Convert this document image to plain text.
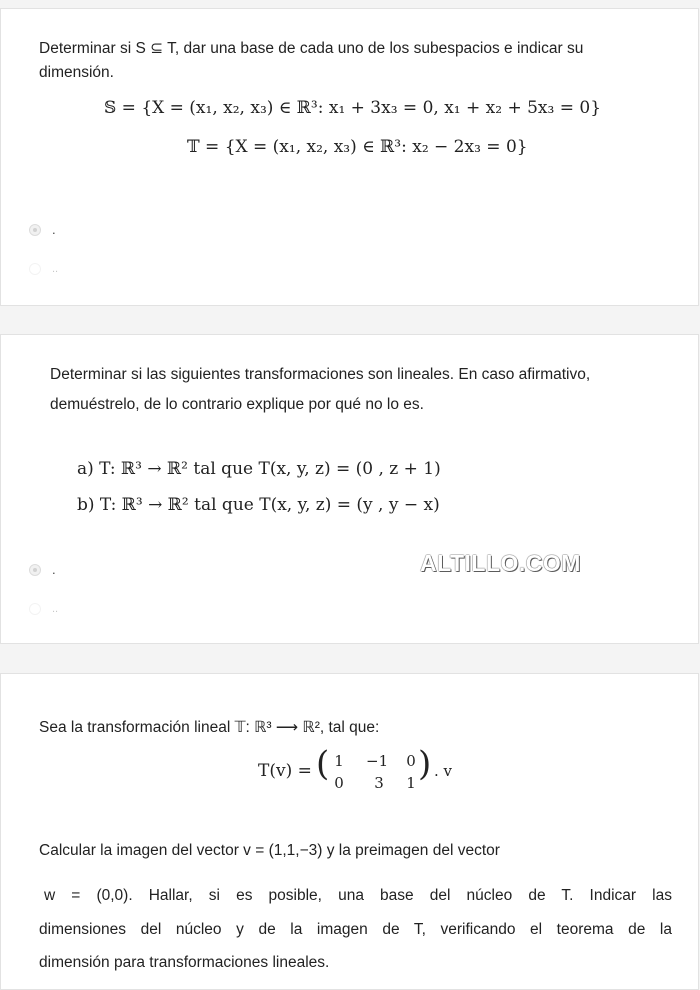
Determinar si S ⊆ T, dar una base de cada uno de los subespacios e indicar su
dimensión.
𝕊 = {X = (x₁, x₂, x₃) ∈ ℝ³: x₁ + 3x₃ = 0, x₁ + x₂ + 5x₃ = 0}
𝕋 = {X = (x₁, x₂, x₃) ∈ ℝ³: x₂ − 2x₃ = 0}
.
..
Determinar si las siguientes transformaciones son lineales. En caso afirmativo,
demuéstrelo, de lo contrario explique por qué no lo es.
a) T: ℝ³ → ℝ² tal que T(x, y, z) = (0 , z + 1)
b) T: ℝ³ → ℝ² tal que T(x, y, z) = (y , y − x)
.
..
ALTILLO.COM
Sea la transformación lineal 𝕋: ℝ³ ⟶ ℝ², tal que:
T(v) = ( 1	−1	0
0	3	1 ) . v
Calcular la imagen del vector v = (1,1,−3) y la preimagen del vector
w = (0,0). Hallar, si es posible, una base del núcleo de T. Indicar las
dimensiones del núcleo y de la imagen de T, verificando el teorema de la
dimensión para transformaciones lineales.
